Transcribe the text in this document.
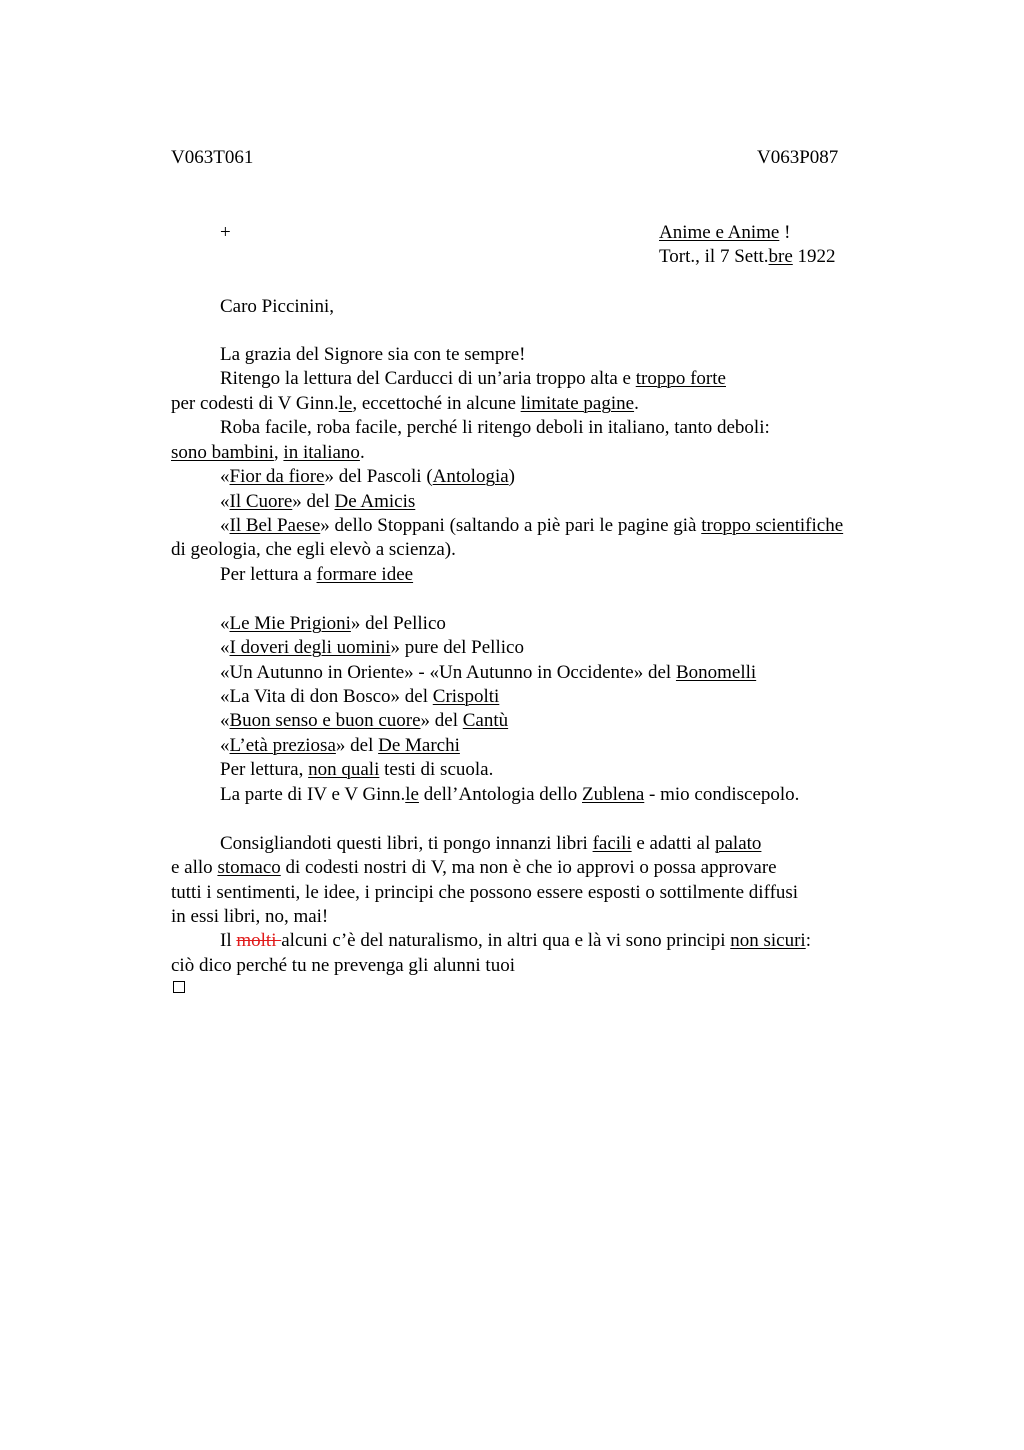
V063T061	V063P087
+	Anime e Anime !
Tort., il 7 Sett.bre 1922
Caro Piccinini,
La grazia del Signore sia con te sempre!
Ritengo la lettura del Carducci di un’aria troppo alta e troppo forte
per codesti di V Ginn.le, eccettoché in alcune limitate pagine.
Roba facile, roba facile, perché li ritengo deboli in italiano, tanto deboli:
sono bambini, in italiano.
«Fior da fiore» del Pascoli (Antologia)
«Il Cuore» del De Amicis
«Il Bel Paese» dello Stoppani (saltando a piè pari le pagine già troppo scientifiche
di geologia, che egli elevò a scienza).
Per lettura a formare idee
«Le Mie Prigioni» del Pellico
«I doveri degli uomini» pure del Pellico
«Un Autunno in Oriente» - «Un Autunno in Occidente» del Bonomelli
«La Vita di don Bosco» del Crispolti
«Buon senso e buon cuore» del Cantù
«L’età preziosa» del De Marchi
Per lettura, non quali testi di scuola.
La parte di IV e V Ginn.le dell’Antologia dello Zublena - mio condiscepolo.
Consigliandoti questi libri, ti pongo innanzi libri facili e adatti al palato
e allo stomaco di codesti nostri di V, ma non è che io approvi o possa approvare
tutti i sentimenti, le idee, i principi che possono essere esposti o sottilmente diffusi
in essi libri, no, mai!
Il molti alcuni c’è del naturalismo, in altri qua e là vi sono principi non sicuri:
ciò dico perché tu ne prevenga gli alunni tuoi
